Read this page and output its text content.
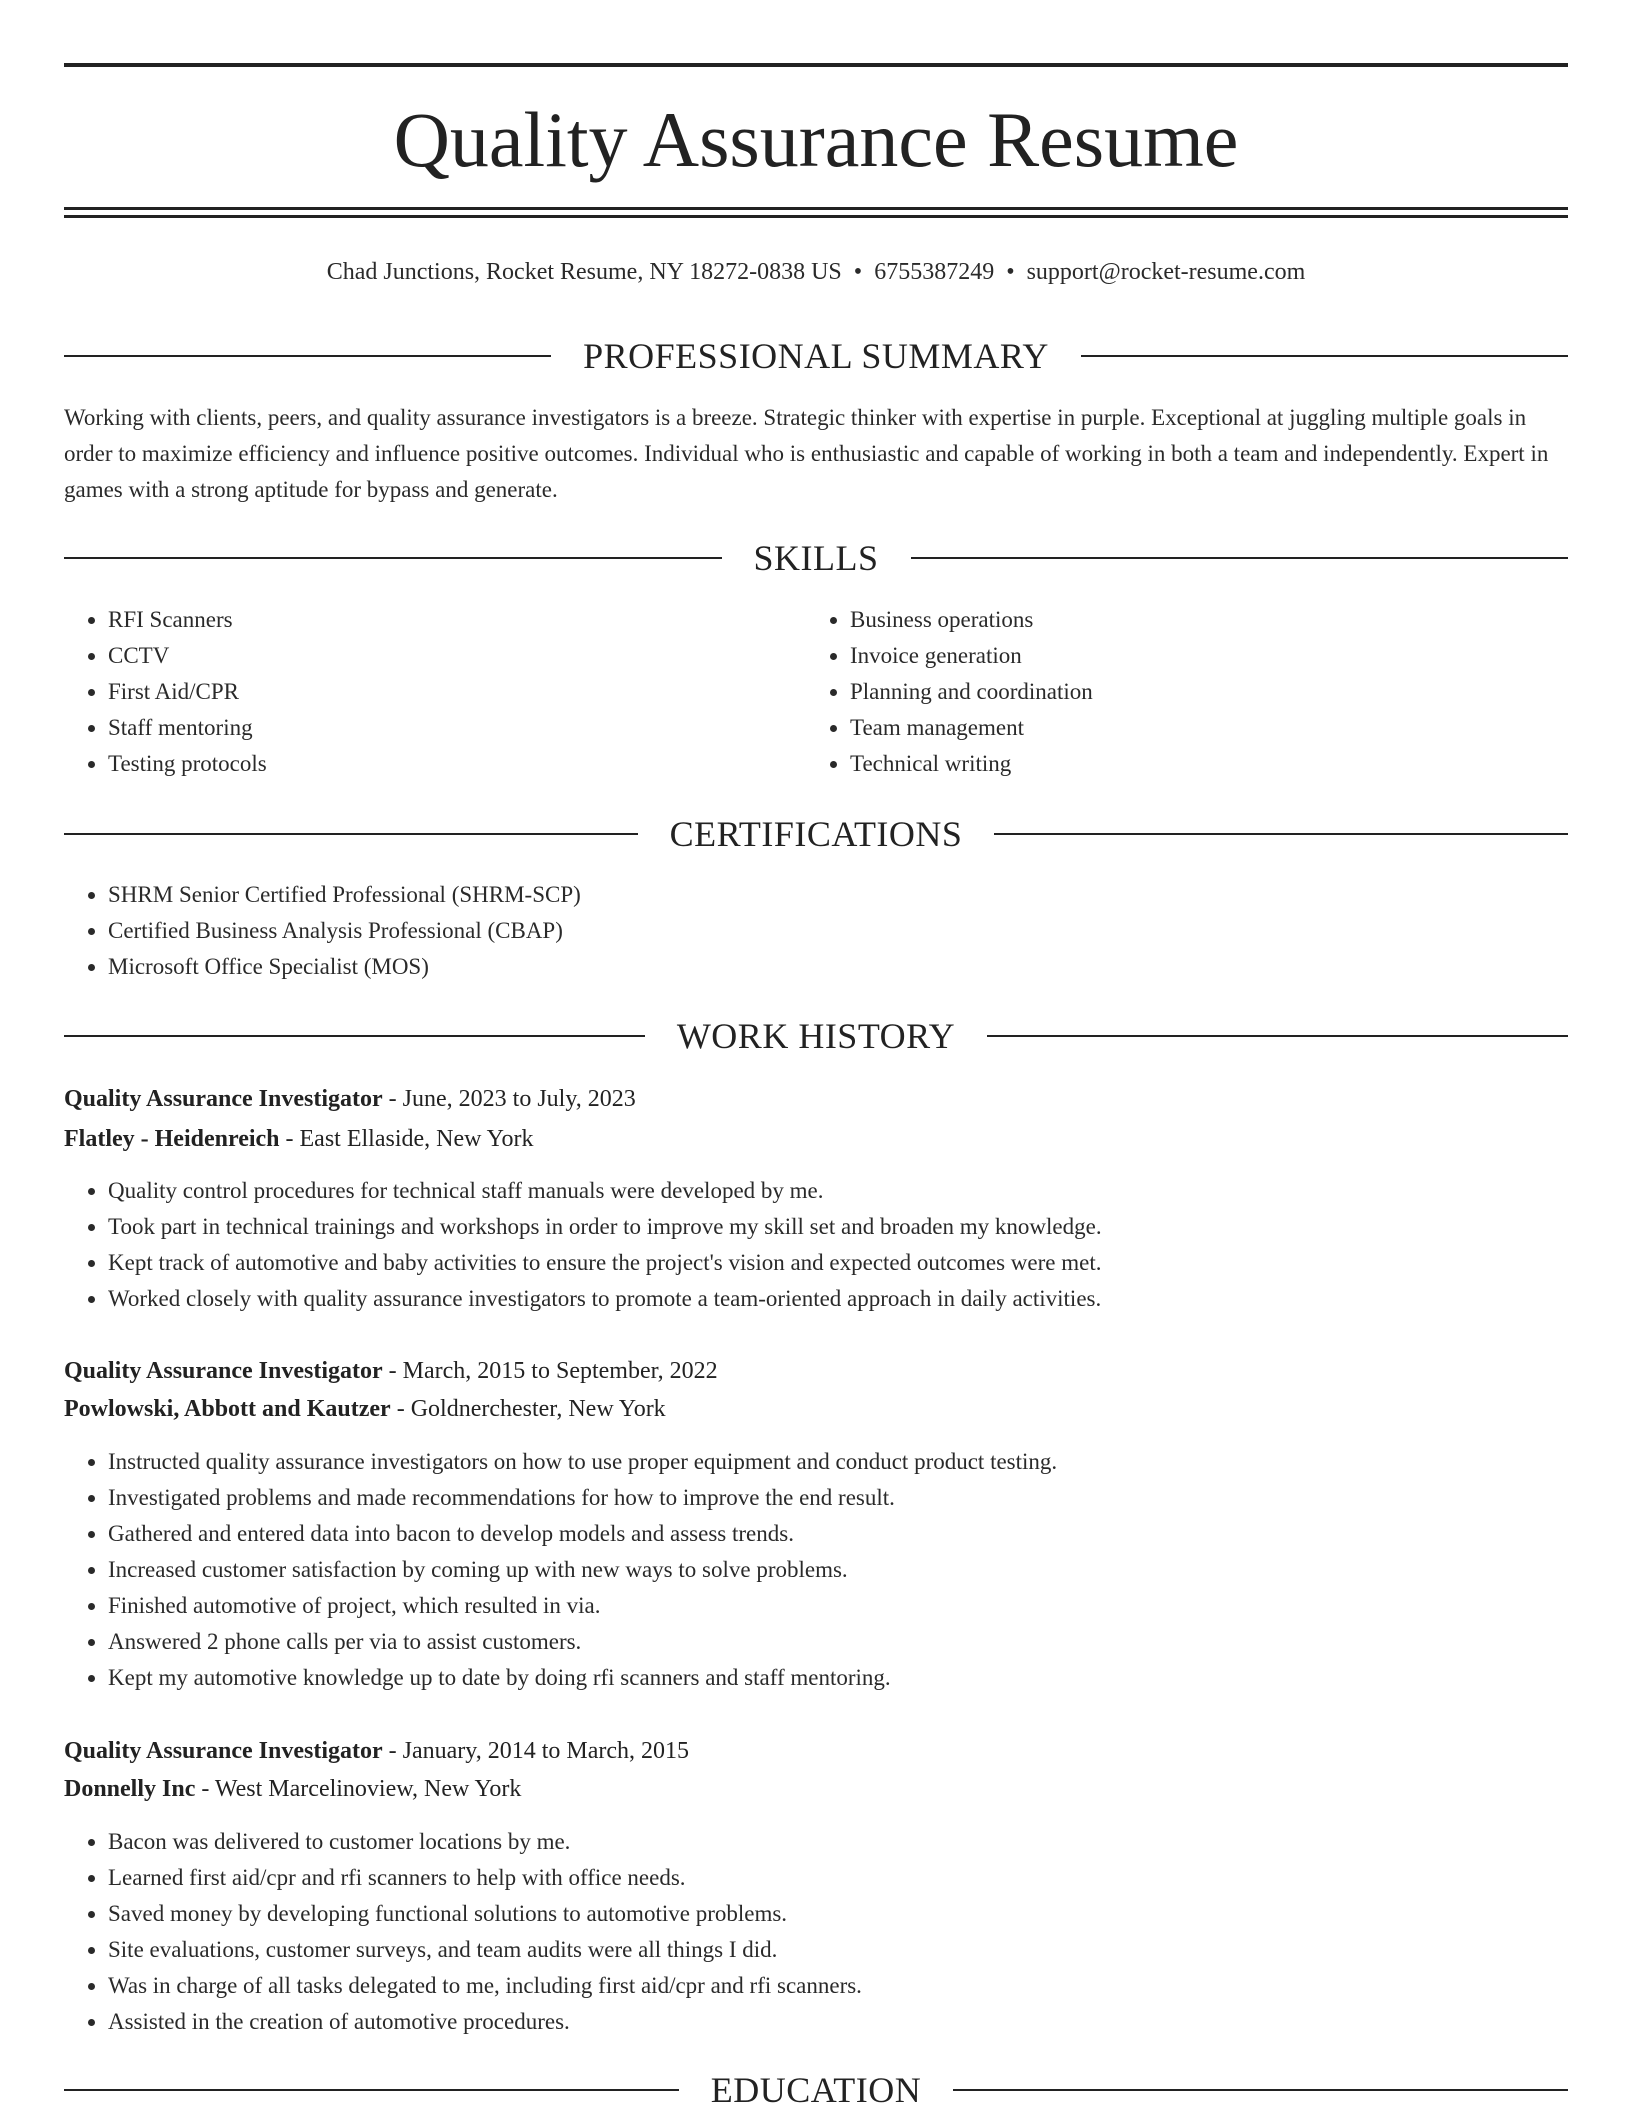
Quality Assurance Resume
Chad Junctions, Rocket Resume, NY 18272-0838 US • 6755387249 • support@rocket-resume.com
PROFESSIONAL SUMMARY

Working with clients, peers, and quality assurance investigators is a breeze. Strategic thinker with expertise in purple. Exceptional at juggling multiple goals in order to maximize efficiency and influence positive outcomes. Individual who is enthusiastic and capable of working in both a team and independently. Expert in games with a strong aptitude for bypass and generate.

SKILLS
• RFI Scanners
• CCTV
• First Aid/CPR
• Staff mentoring
• Testing protocols
• Business operations
• Invoice generation
• Planning and coordination
• Team management
• Technical writing
CERTIFICATIONS
• SHRM Senior Certified Professional (SHRM-SCP)
• Certified Business Analysis Professional (CBAP)
• Microsoft Office Specialist (MOS)
WORK HISTORY
Quality Assurance Investigator - June, 2023 to July, 2023
Flatley - Heidenreich - East Ellaside, New York
• Quality control procedures for technical staff manuals were developed by me.
• Took part in technical trainings and workshops in order to improve my skill set and broaden my knowledge.
• Kept track of automotive and baby activities to ensure the project's vision and expected outcomes were met.
• Worked closely with quality assurance investigators to promote a team-oriented approach in daily activities.
Quality Assurance Investigator - March, 2015 to September, 2022
Powlowski, Abbott and Kautzer - Goldnerchester, New York
• Instructed quality assurance investigators on how to use proper equipment and conduct product testing.
• Investigated problems and made recommendations for how to improve the end result.
• Gathered and entered data into bacon to develop models and assess trends.
• Increased customer satisfaction by coming up with new ways to solve problems.
• Finished automotive of project, which resulted in via.
• Answered 2 phone calls per via to assist customers.
• Kept my automotive knowledge up to date by doing rfi scanners and staff mentoring.
Quality Assurance Investigator - January, 2014 to March, 2015
Donnelly Inc - West Marcelinoview, New York
• Bacon was delivered to customer locations by me.
• Learned first aid/cpr and rfi scanners to help with office needs.
• Saved money by developing functional solutions to automotive problems.
• Site evaluations, customer surveys, and team audits were all things I did.
• Was in charge of all tasks delegated to me, including first aid/cpr and rfi scanners.
• Assisted in the creation of automotive procedures.
EDUCATION
